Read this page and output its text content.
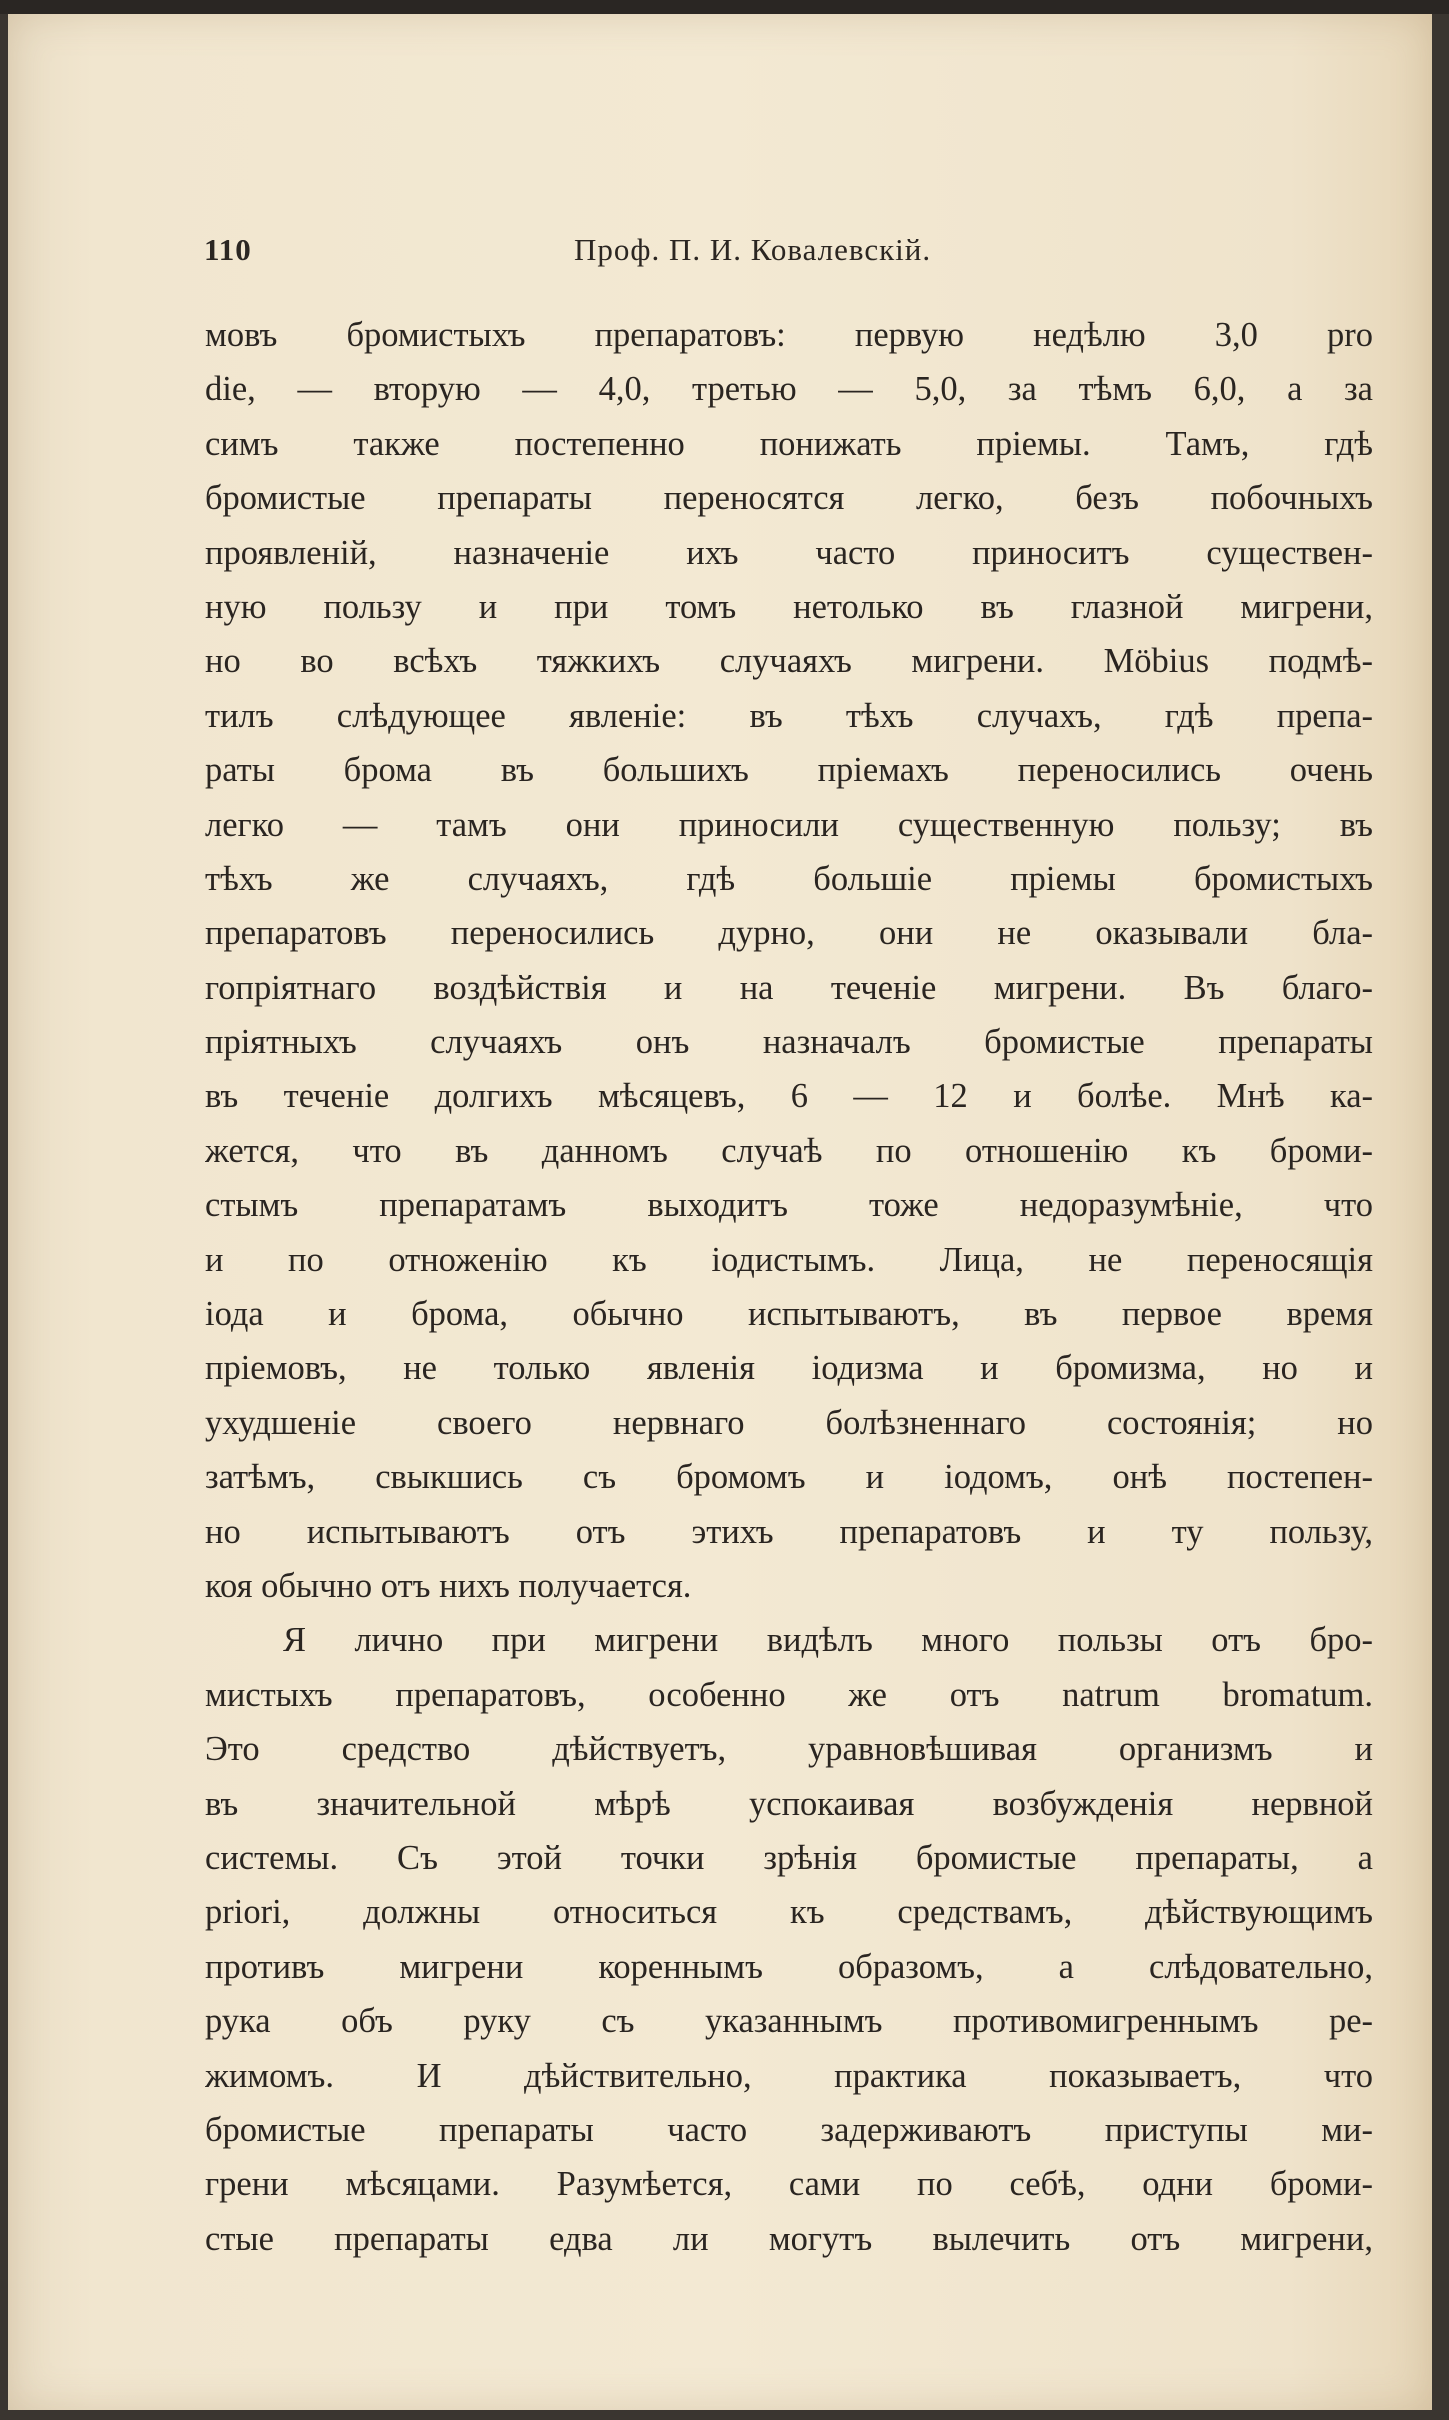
110	Проф. П. И. Ковалевскій.
мовъ бромистыхъ препаратовъ: первую недѣлю 3,0 pro
die, — вторую — 4,0, третью — 5,0, за тѣмъ 6,0, а за
симъ также постепенно понижать пріемы. Тамъ, гдѣ
бромистые препараты переносятся легко, безъ побочныхъ
проявленій, назначеніе ихъ часто приноситъ существен-
ную пользу и при томъ нетолько въ глазной мигрени,
но во всѣхъ тяжкихъ случаяхъ мигрени. Möbius подмѣ-
тилъ слѣдующее явленіе: въ тѣхъ случахъ, гдѣ препа-
раты брома въ большихъ пріемахъ переносились очень
легко — тамъ они приносили существенную пользу; въ
тѣхъ же случаяхъ, гдѣ большіе пріемы бромистыхъ
препаратовъ переносились дурно, они не оказывали бла-
гопріятнаго воздѣйствія и на теченіе мигрени. Въ благо-
пріятныхъ случаяхъ онъ назначалъ бромистые препараты
въ теченіе долгихъ мѣсяцевъ, 6 — 12 и болѣе. Мнѣ ка-
жется, что въ данномъ случаѣ по отношенію къ броми-
стымъ препаратамъ выходитъ тоже недоразумѣніе, что
и по отноженію къ іодистымъ. Лица, не переносящія
іода и брома, обычно испытываютъ, въ первое время
пріемовъ, не только явленія іодизма и бромизма, но и
ухудшеніе своего нервнаго болѣзненнаго состоянія; но
затѣмъ, свыкшись съ бромомъ и іодомъ, онѣ постепен-
но испытываютъ отъ этихъ препаратовъ и ту пользу,
коя обычно отъ нихъ получается.
Я лично при мигрени видѣлъ много пользы отъ бро-
мистыхъ препаратовъ, особенно же отъ natrum bromatum.
Это средство дѣйствуетъ, уравновѣшивая организмъ и
въ значительной мѣрѣ успокаивая возбужденія нервной
системы. Съ этой точки зрѣнія бромистые препараты, a
priori, должны относиться къ средствамъ, дѣйствующимъ
противъ мигрени кореннымъ образомъ, а слѣдовательно,
рука объ руку съ указаннымъ противомигреннымъ ре-
жимомъ. И дѣйствительно, практика показываетъ, что
бромистые препараты часто задерживаютъ приступы ми-
грени мѣсяцами. Разумѣется, сами по себѣ, одни броми-
стые препараты едва ли могутъ вылечить отъ мигрени,
